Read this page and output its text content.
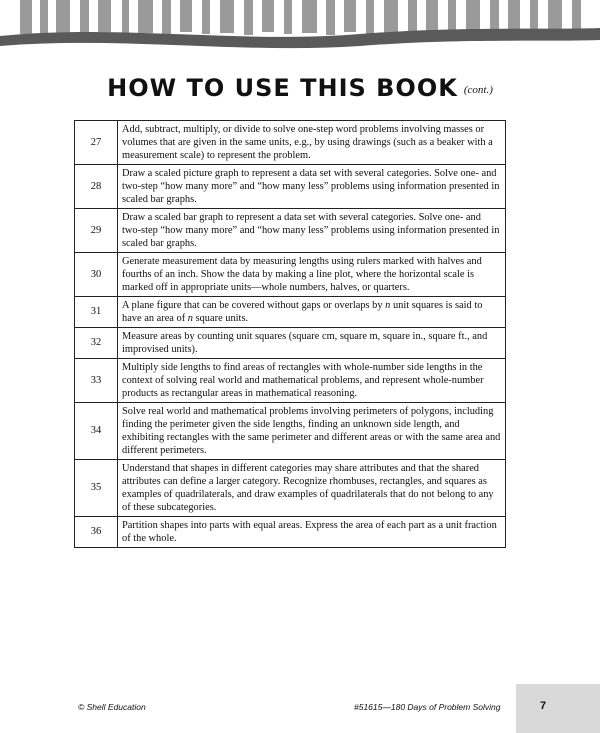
HOW TO USE THIS BOOK (cont.)
27	Add, subtract, multiply, or divide to solve one-step word problems involving masses or volumes that are given in the same units, e.g., by using drawings (such as a beaker with a measurement scale) to represent the problem.
28	Draw a scaled picture graph to represent a data set with several categories. Solve one- and two-step “how many more” and “how many less” problems using information presented in scaled bar graphs.
29	Draw a scaled bar graph to represent a data set with several categories. Solve one- and two-step “how many more” and “how many less” problems using information presented in scaled bar graphs.
30	Generate measurement data by measuring lengths using rulers marked with halves and fourths of an inch. Show the data by making a line plot, where the horizontal scale is marked off in appropriate units—whole numbers, halves, or quarters.
31	A plane figure that can be covered without gaps or overlaps by n unit squares is said to have an area of n square units.
32	Measure areas by counting unit squares (square cm, square m, square in., square ft., and improvised units).
33	Multiply side lengths to find areas of rectangles with whole-number side lengths in the context of solving real world and mathematical problems, and represent whole-number products as rectangular areas in mathematical reasoning.
34	Solve real world and mathematical problems involving perimeters of polygons, including finding the perimeter given the side lengths, finding an unknown side length, and exhibiting rectangles with the same perimeter and different areas or with the same area and different perimeters.
35	Understand that shapes in different categories may share attributes and that the shared attributes can define a larger category. Recognize rhombuses, rectangles, and squares as examples of quadrilaterals, and draw examples of quadrilaterals that do not belong to any of these subcategories.
36	Partition shapes into parts with equal areas. Express the area of each part as a unit fraction of the whole.
© Shell Education	#51615—180 Days of Problem Solving	7
